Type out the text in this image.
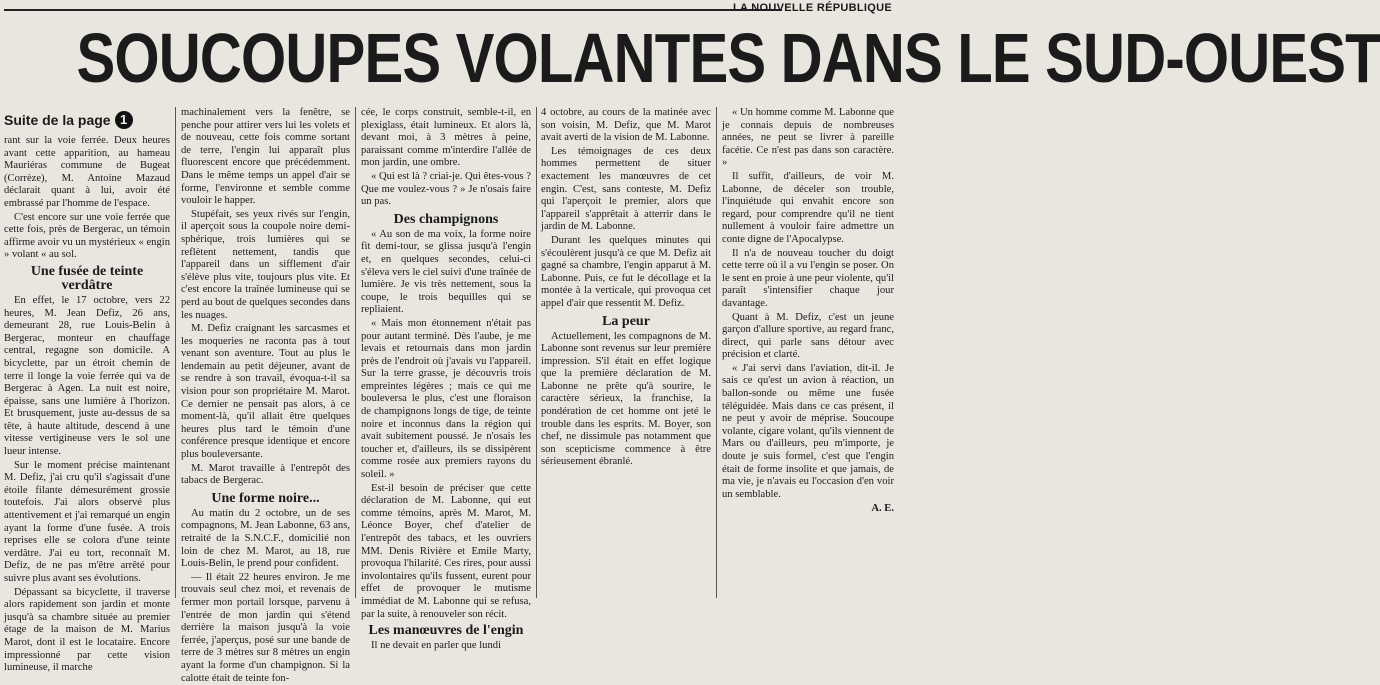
LA NOUVELLE RÉPUBLIQUE
SOUCOUPES VOLANTES DANS LE SUD-OUEST
Suite de la page 1

rant sur la voie ferrée. Deux heures avant cette apparition, au hameau Mauriéras commune de Bugeat (Corrèze), M. Antoine Mazaud déclarait quant à lui, avoir été embrassé par l'homme de l'espace.

C'est encore sur une voie ferrée que cette fois, près de Bergerac, un témoin affirme avoir vu un mystérieux « engin » volant « au sol.

Une fusée de teinte verdâtre

En effet, le 17 octobre, vers 22 heures, M. Jean Defiz, 26 ans, demeurant 28, rue Louis-Belin à Bergerac, monteur en chauffage central, regagne son domicile. A bicyclette, par un étroit chemin de terre il longe la voie ferrée qui va de Bergerac à Agen. La nuit est noire, épaisse, sans une lumière à l'horizon. Et brusquement, juste au-dessus de sa tête, à haute altitude, descend à une vitesse vertigineuse vers le sol une lueur intense.

Sur le moment précise maintenant M. Defiz, j'ai cru qu'il s'agissait d'une étoile filante démesurément grossie toutefois. J'ai alors observé plus attentivement et j'ai remarqué un engin ayant la forme d'une fusée. A trois reprises elle se colora d'une teinte verdâtre. J'ai eu tort, reconnaît M. Defiz, de ne pas m'être arrêté pour suivre plus avant ses évolutions.

Dépassant sa bicyclette, il traverse alors rapidement son jardin et monte jusqu'à sa chambre située au premier étage de la maison de M. Marius Marot, dont il est le locataire. Encore impressionné par cette vision lumineuse, il marche

machinalement vers la fenêtre, se penche pour attirer vers lui les volets et de nouveau, cette fois comme sortant de terre, l'engin lui apparaît plus fluorescent encore que précédemment. Dans le même temps un appel d'air se forme, l'environne et semble comme vouloir le happer.

Stupéfait, ses yeux rivés sur l'engin, il aperçoit sous la coupole noire demi-sphérique, trois lumières qui se reflètent nettement, tandis que l'appareil dans un sifflement d'air s'élève plus vite, toujours plus vite. Et c'est encore la traînée lumineuse qui se perd au bout de quelques secondes dans les nuages.

M. Defiz craignant les sarcasmes et les moqueries ne raconta pas à tout venant son aventure. Tout au plus le lendemain au petit déjeuner, avant de se rendre à son travail, évoqua-t-il sa vision pour son propriétaire M. Marot. Ce dernier ne pensait pas alors, à ce moment-là, qu'il allait être quelques heures plus tard le témoin d'une conférence presque identique et encore plus bouleversante.

M. Marot travaille à l'entrepôt des tabacs de Bergerac.

Une forme noire...

Au matin du 2 octobre, un de ses compagnons, M. Jean Labonne, 63 ans, retraité de la S.N.C.F., domicilié non loin de chez M. Marot, au 18, rue Louis-Belin, le prend pour confident.

— Il était 22 heures environ. Je me trouvais seul chez moi, et revenais de fermer mon portail lorsque, parvenu à l'entrée de mon jardin qui s'étend derrière la maison jusqu'à la voie ferrée, j'aperçus, posé sur une bande de terre de 3 mètres sur 8 mètres un engin ayant la forme d'un champignon. Si la calotte était de teinte fon-

cée, le corps construit, semble-t-il, en plexiglass, était lumineux. Et alors là, devant moi, à 3 mètres à peine, paraissant comme m'interdire l'allée de mon jardin, une ombre.

« Qui est là ? criai-je. Qui êtes-vous ? Que me voulez-vous ? » Je n'osais faire un pas.

Des champignons

« Au son de ma voix, la forme noire fit demi-tour, se glissa jusqu'à l'engin et, en quelques secondes, celui-ci s'éleva vers le ciel suivi d'une traînée de lumière. Je vis très nettement, sous la coupe, le trois bequilles qui se repliaient.

« Mais mon étonnement n'était pas pour autant terminé. Dès l'aube, je me levais et retournais dans mon jardin près de l'endroit où j'avais vu l'appareil. Sur la terre grasse, je découvris trois empreintes légères ; mais ce qui me bouleversa le plus, c'est une floraison de champignons longs de tige, de teinte noire et inconnus dans la région qui avait subitement poussé. Je n'osais les toucher et, d'ailleurs, ils se dissipèrent comme rosée aux premiers rayons du soleil. »

Est-il besoin de préciser que cette déclaration de M. Labonne, qui eut comme témoins, après M. Marot, M. Léonce Boyer, chef d'atelier de l'entrepôt des tabacs, et les ouvriers MM. Denis Rivière et Emile Marty, provoqua l'hilarité. Ces rires, pour aussi involontaires qu'ils fussent, eurent pour effet de provoquer le mutisme immédiat de M. Labonne qui se refusa, par la suite, à renouveler son récit.

Les manœuvres de l'engin

Il ne devait en parler que lundi

4 octobre, au cours de la matinée avec son voisin, M. Defiz, que M. Marot avait averti de la vision de M. Labonne.

Les témoignages de ces deux hommes permettent de situer exactement les manœuvres de cet engin. C'est, sans conteste, M. Defiz qui l'aperçoit le premier, alors que l'appareil s'apprêtait à atterrir dans le jardin de M. Labonne.

Durant les quelques minutes qui s'écoulèrent jusqu'à ce que M. Defiz ait gagné sa chambre, l'engin apparut à M. Labonne. Puis, ce fut le décollage et la montée à la verticale, qui provoqua cet appel d'air que ressentit M. Defiz.

La peur

Actuellement, les compagnons de M. Labonne sont revenus sur leur première impression. S'il était en effet logique que la première déclaration de M. Labonne ne prête qu'à sourire, le caractère sérieux, la franchise, la pondération de cet homme ont jeté le trouble dans les esprits. M. Boyer, son chef, ne dissimule pas notamment que son scepticisme commence à être sérieusement ébranlé.

« Un homme comme M. Labonne que je connais depuis de nombreuses années, ne peut se livrer à pareille facétie. Ce n'est pas dans son caractère. »

Il suffit, d'ailleurs, de voir M. Labonne, de déceler son trouble, l'inquiétude qui envahit encore son regard, pour comprendre qu'il ne tient nullement à vouloir faire admettre un conte digne de l'Apocalypse.

Il n'a de nouveau toucher du doigt cette terre où il a vu l'engin se poser. On le sent en proie à une peur violente, qu'il paraît s'intensifier chaque jour davantage.

Quant à M. Defiz, c'est un jeune garçon d'allure sportive, au regard franc, direct, qui parle sans détour avec précision et clarté.

« J'ai servi dans l'aviation, dit-il. Je sais ce qu'est un avion à réaction, un ballon-sonde ou même une fusée téléguidée. Mais dans ce cas présent, il ne peut y avoir de méprise. Soucoupe volante, cigare volant, qu'ils viennent de Mars ou d'ailleurs, peu m'importe, je doute je suis formel, c'est que l'engin était de forme insolite et que jamais, de ma vie, je n'avais eu l'occasion d'en voir un semblable.

A. E.
